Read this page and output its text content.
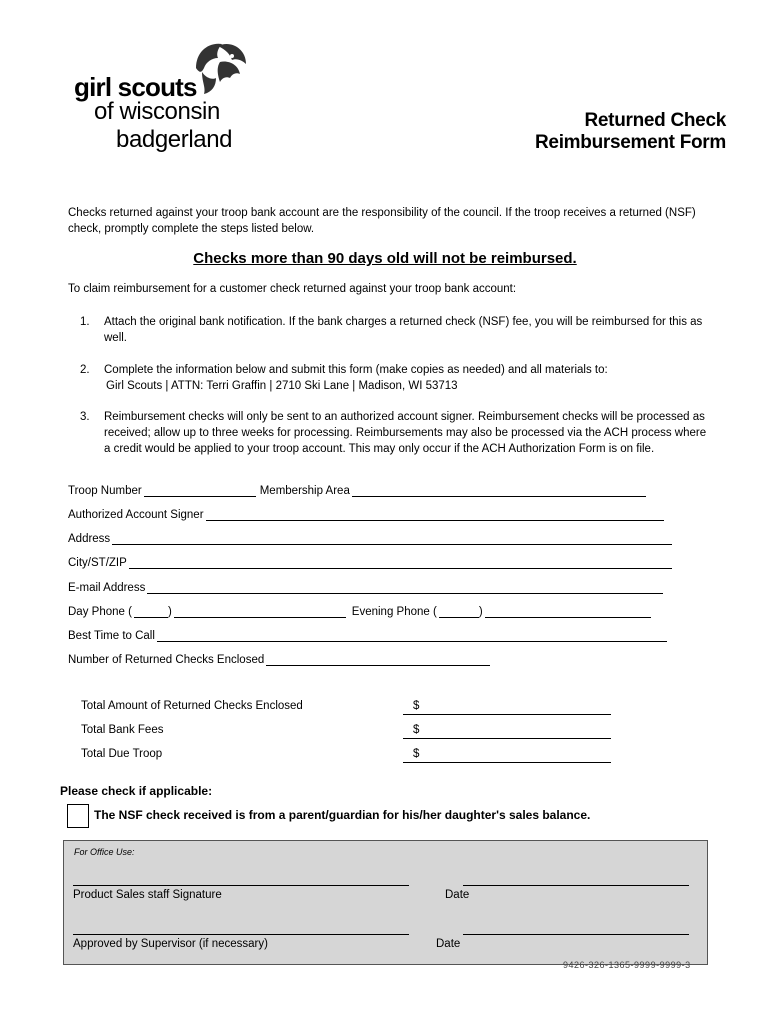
girl scouts
of wisconsin
badgerland
Returned Check
Reimbursement Form
Checks returned against your troop bank account are the responsibility of the council. If the troop receives a returned (NSF) check, promptly complete the steps listed below.
Checks more than 90 days old will not be reimbursed.
To claim reimbursement for a customer check returned against your troop bank account:
1. Attach the original bank notification. If the bank charges a returned check (NSF) fee, you will be reimbursed for this as well.
2. Complete the information below and submit this form (make copies as needed) and all materials to:
Girl Scouts | ATTN: Terri Graffin | 2710 Ski Lane | Madison, WI 53713
3. Reimbursement checks will only be sent to an authorized account signer. Reimbursement checks will be processed as received; allow up to three weeks for processing. Reimbursements may also be processed via the ACH process where a credit would be applied to your troop account. This may only occur if the ACH Authorization Form is on file.
Troop Number	Membership Area
Authorized Account Signer
Address
City/ST/ZIP
E-mail Address
Day Phone (	)	Evening Phone (	)
Best Time to Call
Number of Returned Checks Enclosed
Total Amount of Returned Checks Enclosed	$
Total Bank Fees	$
Total Due Troop	$
Please check if applicable:
The NSF check received is from a parent/guardian for his/her daughter's sales balance.
For Office Use:
Product Sales staff Signature	Date
Approved by Supervisor (if necessary)	Date
9426-326-1365-9999-9999-3
